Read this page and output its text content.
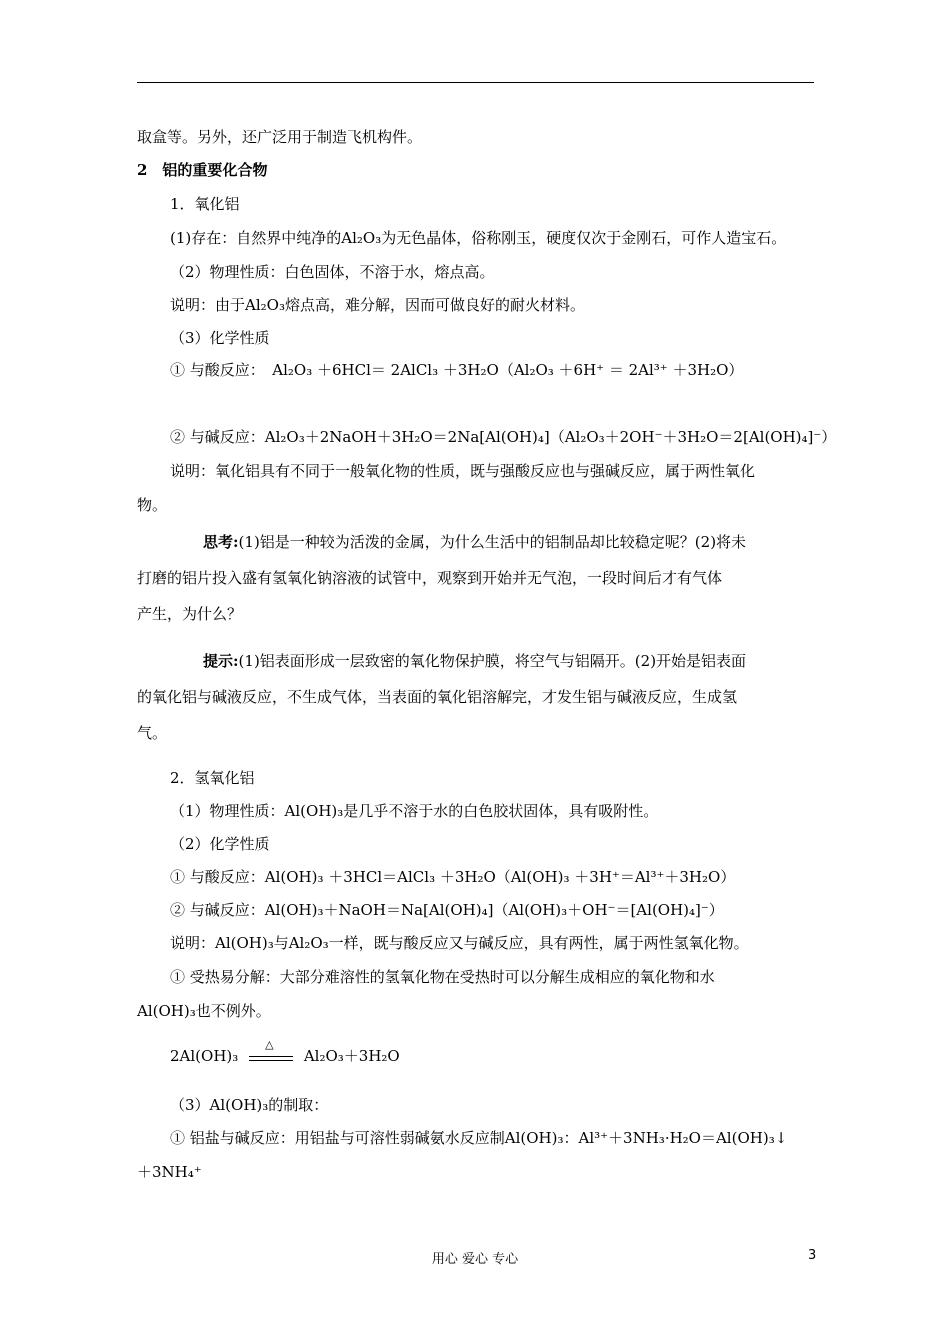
取盒等。另外，还广泛用于制造飞机构件。
2　铝的重要化合物
1．氧化铝
(1)存在：自然界中纯净的Al₂O₃为无色晶体，俗称刚玉，硬度仅次于金刚石，可作人造宝石。
（2）物理性质：白色固体，不溶于水，熔点高。
说明：由于Al₂O₃熔点高，难分解，因而可做良好的耐火材料。
（3）化学性质
① 与酸反应：　Al₂O₃ ＋6HCl＝ 2AlCl₃ ＋3H₂O（Al₂O₃ ＋6H⁺ ＝ 2Al³⁺ ＋3H₂O）
② 与碱反应：Al₂O₃＋2NaOH＋3H₂O＝2Na[Al(OH)₄]（Al₂O₃＋2OH⁻＋3H₂O＝2[Al(OH)₄]⁻）
说明：氧化铝具有不同于一般氧化物的性质，既与强酸反应也与强碱反应，属于两性氧化
物。
思考:(1)铝是一种较为活泼的金属，为什么生活中的铝制品却比较稳定呢？(2)将未
打磨的铝片投入盛有氢氧化钠溶液的试管中，观察到开始并无气泡，一段时间后才有气体
产生，为什么？
提示:(1)铝表面形成一层致密的氧化物保护膜，将空气与铝隔开。(2)开始是铝表面
的氧化铝与碱液反应，不生成气体，当表面的氧化铝溶解完，才发生铝与碱液反应，生成氢
气。
2．氢氧化铝
（1）物理性质：Al(OH)₃是几乎不溶于水的白色胶状固体，具有吸附性。
（2）化学性质
① 与酸反应：Al(OH)₃ ＋3HCl＝AlCl₃ ＋3H₂O（Al(OH)₃ ＋3H⁺＝Al³⁺＋3H₂O）
② 与碱反应：Al(OH)₃＋NaOH＝Na[Al(OH)₄]（Al(OH)₃＋OH⁻＝[Al(OH)₄]⁻）
说明：Al(OH)₃与Al₂O₃一样，既与酸反应又与碱反应，具有两性，属于两性氢氧化物。
① 受热易分解：大部分难溶性的氢氧化物在受热时可以分解生成相应的氧化物和水
Al(OH)₃也不例外。
2Al(OH)₃
△
Al₂O₃＋3H₂O
（3）Al(OH)₃的制取：
① 铝盐与碱反应：用铝盐与可溶性弱碱氨水反应制Al(OH)₃：Al³⁺＋3NH₃·H₂O＝Al(OH)₃↓
＋3NH₄⁺
用心 爱心 专心	3
